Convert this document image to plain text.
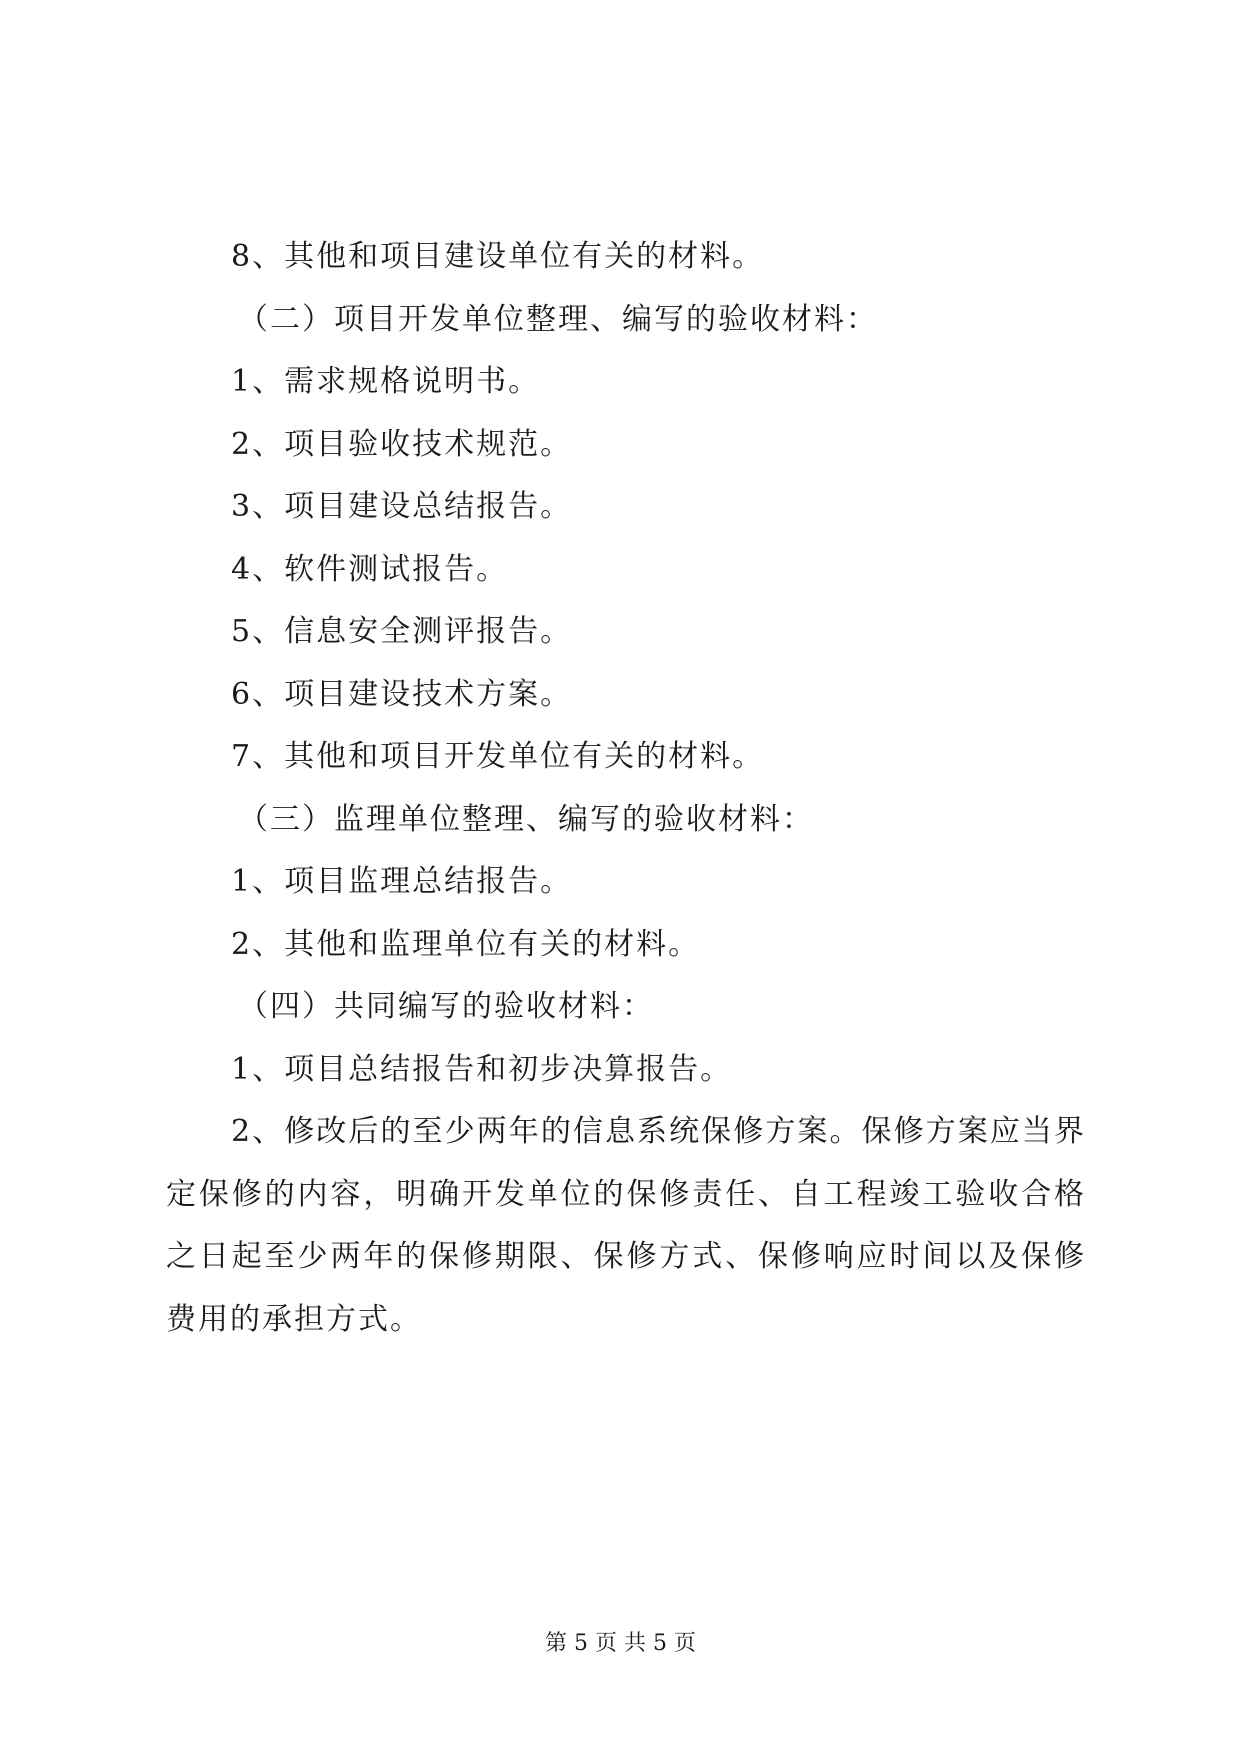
8、其他和项目建设单位有关的材料。
（二）项目开发单位整理、编写的验收材料：
1、需求规格说明书。
2、项目验收技术规范。
3、项目建设总结报告。
4、软件测试报告。
5、信息安全测评报告。
6、项目建设技术方案。
7、其他和项目开发单位有关的材料。
（三）监理单位整理、编写的验收材料：
1、项目监理总结报告。
2、其他和监理单位有关的材料。
（四）共同编写的验收材料：
1、项目总结报告和初步决算报告。

2、修改后的至少两年的信息系统保修方案。保修方案应当界定保修的内容，明确开发单位的保修责任、自工程竣工验收合格之日起至少两年的保修期限、保修方式、保修响应时间以及保修费用的承担方式。

第 5 页 共 5 页
